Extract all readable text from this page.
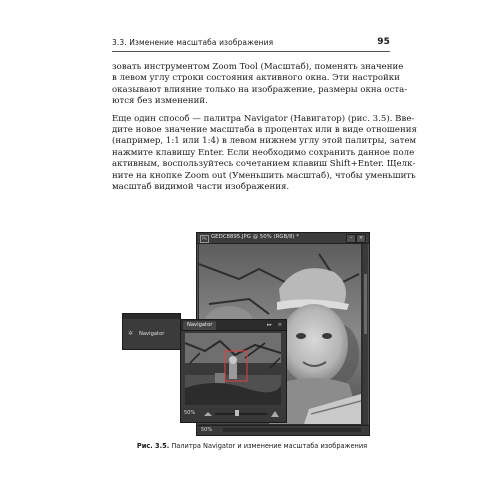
3.3. Изменение масштаба изображения	95
зовать инструментом Zoom Tool (Масштаб), поменять значение
в левом углу строки состояния активного окна. Эти настройки
оказывают влияние только на изображение, размеры окна оста-
ются без изменений.
Еще один способ — палитра Navigator (Навигатор) (рис. 3.5). Вве-
дите новое значение масштаба в процентах или в виде отношения
(например, 1:1 или 1:4) в левом нижнем углу этой палитры, затем
нажмите клавишу Enter. Если необходимо сохранить данное поле
активным, воспользуйтесь сочетанием клавиш Shift+Enter. Щелк-
ните на кнопке Zoom out (Уменьшить масштаб), чтобы уменьшить
масштаб видимой части изображения.
Ps GEDC8895.JPG @ 50% (RGB/8) *	–	×
50%
✲ Navigator
Navigator	▸▸ ≡
50%
Рис. 3.5. Палитра Navigator и изменение масштаба изображения
